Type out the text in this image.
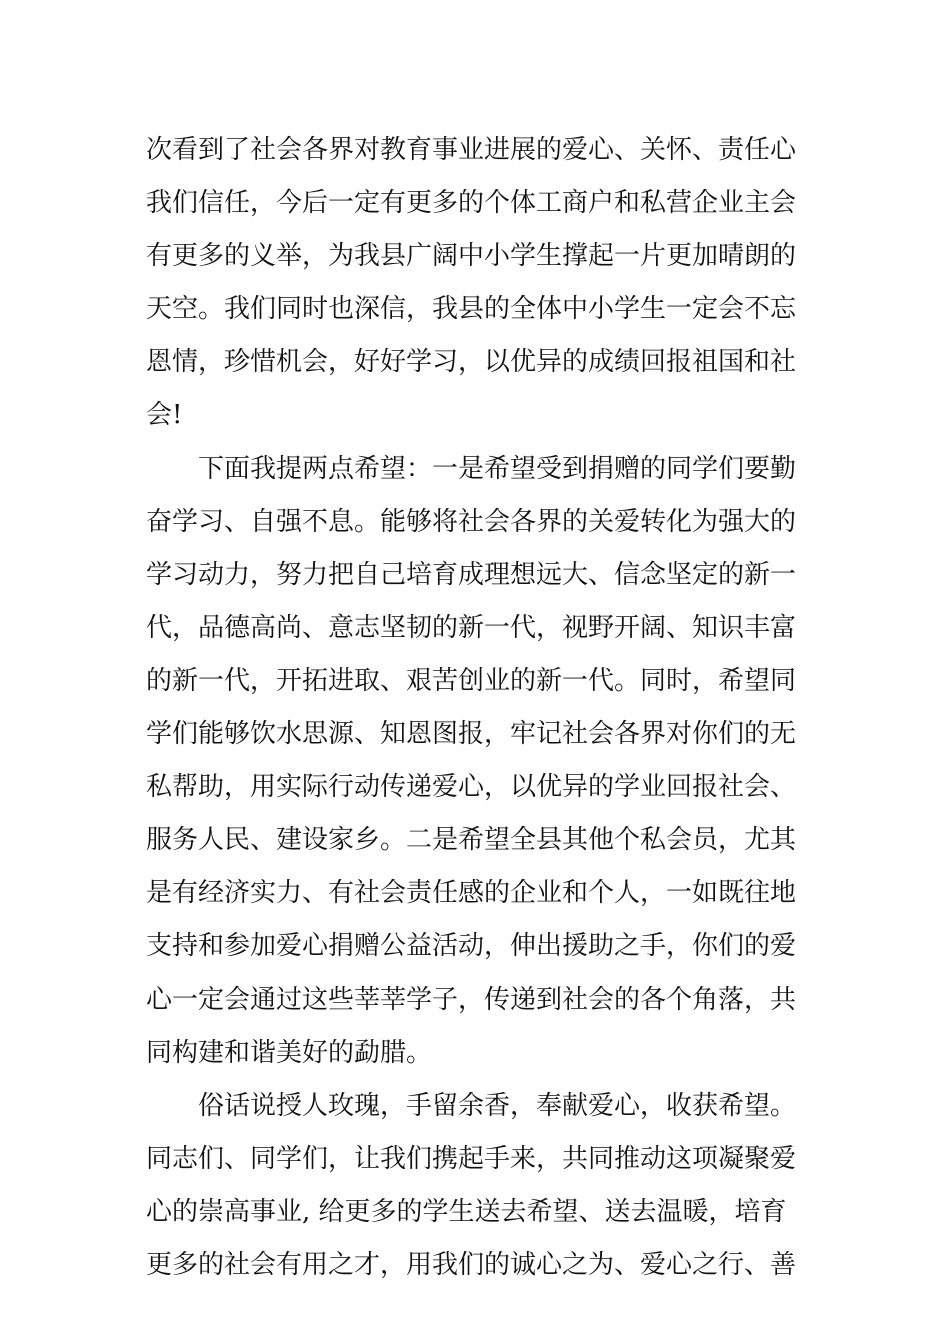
次看到了社会各界对教育事业进展的爱心、关怀、责任心
我们信任，今后一定有更多的个体工商户和私营企业主会
有更多的义举，为我县广阔中小学生撑起一片更加晴朗的
天空。我们同时也深信，我县的全体中小学生一定会不忘
恩情，珍惜机会，好好学习，以优异的成绩回报祖国和社
会!
下面我提两点希望：一是希望受到捐赠的同学们要勤
奋学习、自强不息。能够将社会各界的关爱转化为强大的
学习动力，努力把自己培育成理想远大、信念坚定的新一
代，品德高尚、意志坚韧的新一代，视野开阔、知识丰富
的新一代，开拓进取、艰苦创业的新一代。同时，希望同
学们能够饮水思源、知恩图报，牢记社会各界对你们的无
私帮助，用实际行动传递爱心，以优异的学业回报社会、
服务人民、建设家乡。二是希望全县其他个私会员，尤其
是有经济实力、有社会责任感的企业和个人，一如既往地
支持和参加爱心捐赠公益活动，伸出援助之手，你们的爱
心一定会通过这些莘莘学子，传递到社会的各个角落，共
同构建和谐美好的勐腊。
俗话说授人玫瑰，手留余香，奉献爱心，收获希望。
同志们、同学们，让我们携起手来，共同推动这项凝聚爱
心的崇高事业, 给更多的学生送去希望、送去温暖，培育
更多的社会有用之才，用我们的诚心之为、爱心之行、善
